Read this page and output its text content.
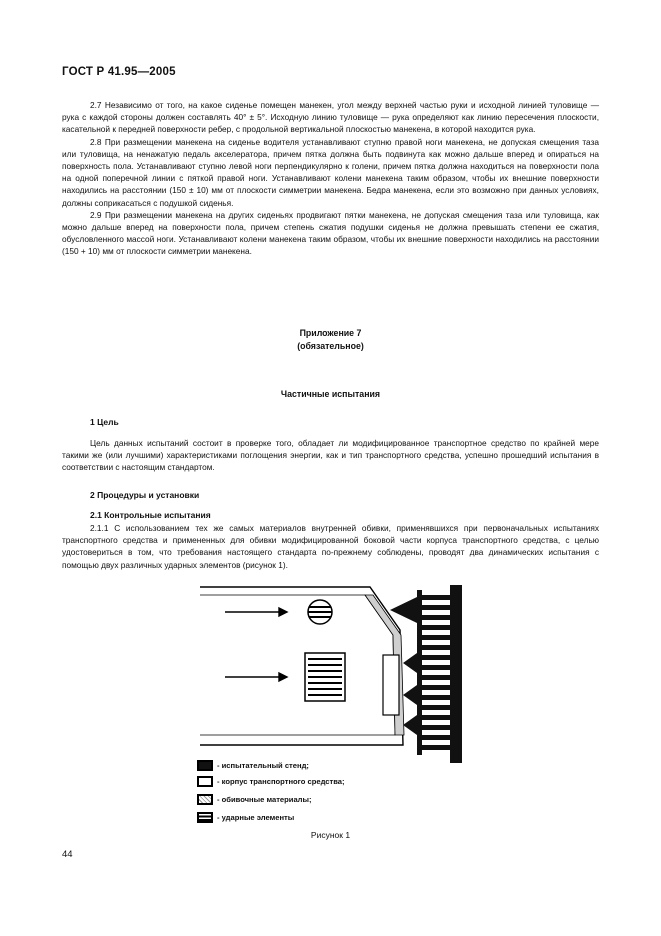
ГОСТ Р 41.95—2005

2.7 Независимо от того, на какое сиденье помещен манекен, угол между верхней частью руки и исходной линией туловище — рука с каждой стороны должен составлять 40° ± 5°. Исходную линию туловище — рука определяют как линию пересечения плоскости, касательной к передней поверхности ребер, с продольной вертикальной плоскостью манекена, в которой находится рука.

2.8 При размещении манекена на сиденье водителя устанавливают ступню правой ноги манекена, не допуская смещения таза или туловища, на ненажатую педаль акселератора, причем пятка должна быть подвинута как можно дальше вперед и опираться на поверхность пола. Устанавливают ступню левой ноги перпендикулярно к голени, причем пятка должна находиться на поверхности пола на одной поперечной линии с пяткой правой ноги. Устанавливают колени манекена таким образом, чтобы их внешние поверхности находились на расстоянии (150 ± 10) мм от плоскости симметрии манекена. Бедра манекена, если это возможно при данных условиях, должны соприкасаться с подушкой сиденья.

2.9 При размещении манекена на других сиденьях продвигают пятки манекена, не допуская смещения таза или туловища, как можно дальше вперед на поверхности пола, причем степень сжатия подушки сиденья не должна превышать степени ее сжатия, обусловленного массой ноги. Устанавливают колени манекена таким образом, чтобы их внешние поверхности находились на расстоянии (150 + 10) мм от плоскости симметрии манекена.

Приложение 7
(обязательное)
Частичные испытания
1 Цель

Цель данных испытаний состоит в проверке того, обладает ли модифицированное транспортное средство по крайней мере такими же (или лучшими) характеристиками поглощения энергии, как и тип транспортного средства, успешно прошедший испытания в соответствии с настоящим стандартом.

2 Процедуры и установки
2.1 Контрольные испытания

2.1.1 С использованием тех же самых материалов внутренней обивки, применявшихся при первоначальных испытаниях транспортного средства и примененных для обивки модифицированной боковой части корпуса транспортного средства, с целью удостовериться в том, что требования настоящего стандарта по-прежнему соблюдены, проводят два динамических испытания с помощью двух различных ударных элементов (рисунок 1).

- испытательный стенд;
- корпус транспортного средства;
- обивочные материалы;
- ударные элементы
Рисунок 1
44
